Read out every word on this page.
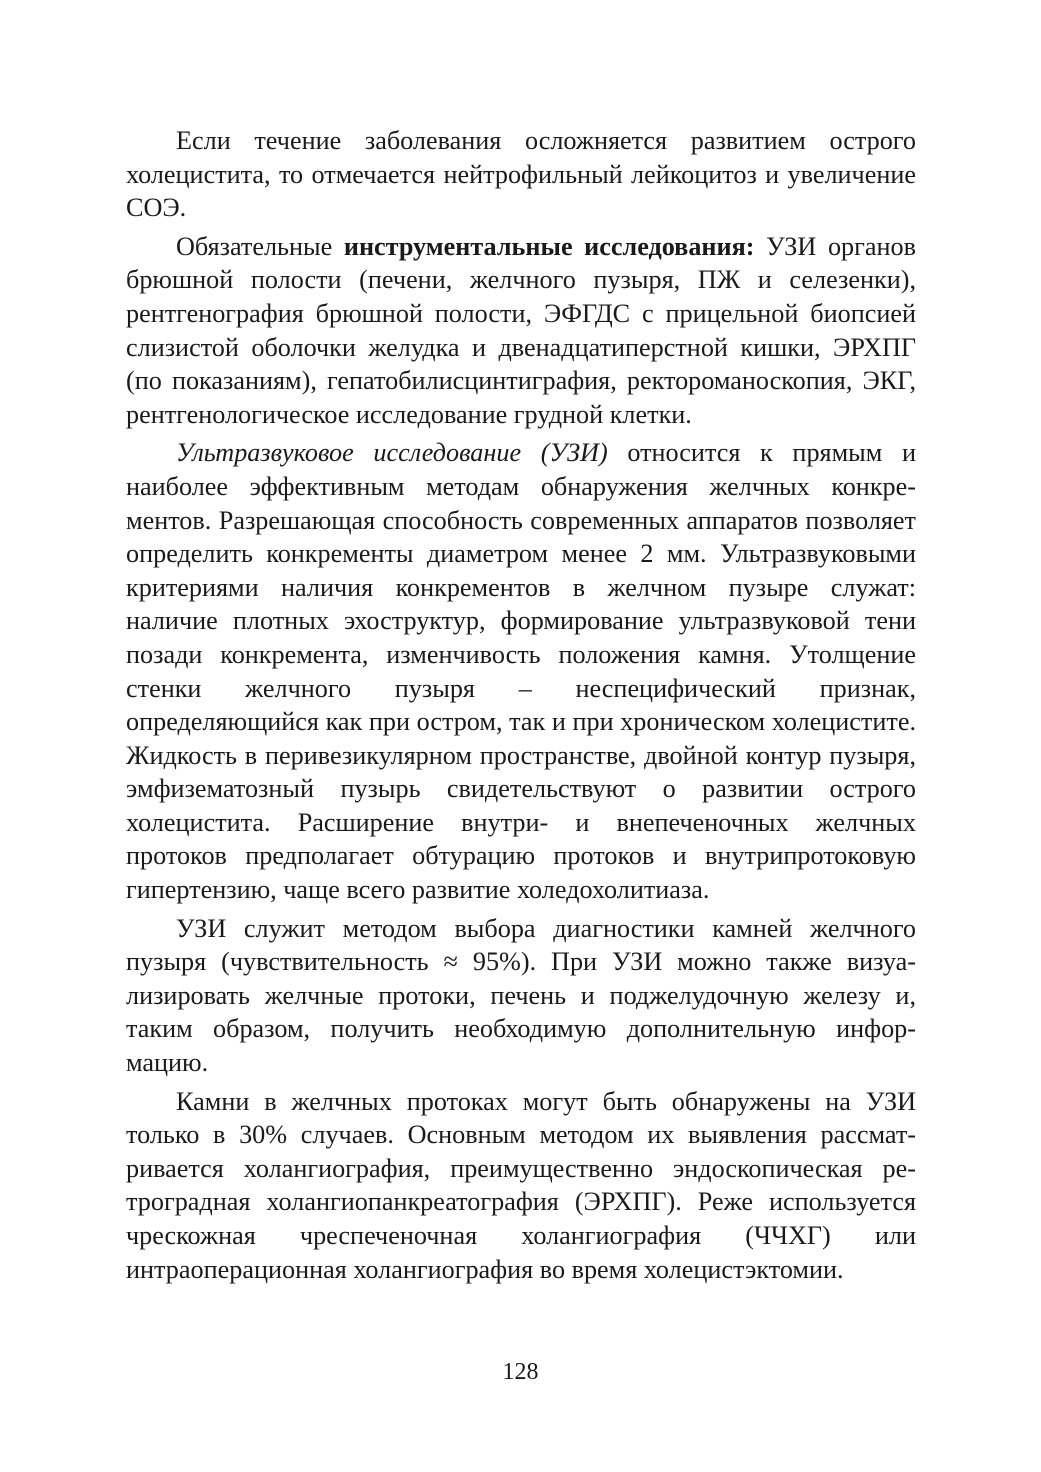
Если течение заболевания осложняется развитием острого холецистита, то отмечается нейтрофильный лейкоцитоз и увеличение СОЭ.

Обязательные инструментальные исследования: УЗИ органов брюшной полости (печени, желчного пузыря, ПЖ и селезенки), рентгенография брюшной полости, ЭФГДС с прицельной биопсией слизистой оболочки желудка и двенадцатиперстной кишки, ЭРХПГ (по показаниям), гепатобилисцинтиграфия, ректороманоскопия, ЭКГ, рентгенологическое исследование грудной клетки.

Ультразвуковое исследование (УЗИ) относится к прямым и наиболее эффективным методам обнаружения желчных конкрементов. Разрешающая способность современных аппаратов позволяет определить конкременты диаметром менее 2 мм. Ультразвуковыми критериями наличия конкрементов в желчном пузыре служат: наличие плотных эхоструктур, формирование ультразвуковой тени позади конкремента, изменчивость положения камня. Утолщение стенки желчного пузыря – неспецифический признак, определяющийся как при остром, так и при хроническом холецистите. Жидкость в перивезикулярном пространстве, двойной контур пузыря, эмфизематозный пузырь свидетельствуют о развитии острого холецистита. Расширение внутри- и внепеченочных желчных протоков предполагает обтурацию протоков и внутрипротоковую гипертензию, чаще всего развитие холедохолитиаза.

УЗИ служит методом выбора диагностики камней желчного пузыря (чувствительность ≈ 95%). При УЗИ можно также визуализировать желчные протоки, печень и поджелудочную железу и, таким образом, получить необходимую дополнительную информацию.

Камни в желчных протоках могут быть обнаружены на УЗИ только в 30% случаев. Основным методом их выявления рассматривается холангиография, преимущественно эндоскопическая ретроградная холангиопанкреатография (ЭРХПГ). Реже используется чрескожная чреспеченочная холангиография (ЧЧХГ) или интраоперационная холангиография во время холецистэктомии.

128
